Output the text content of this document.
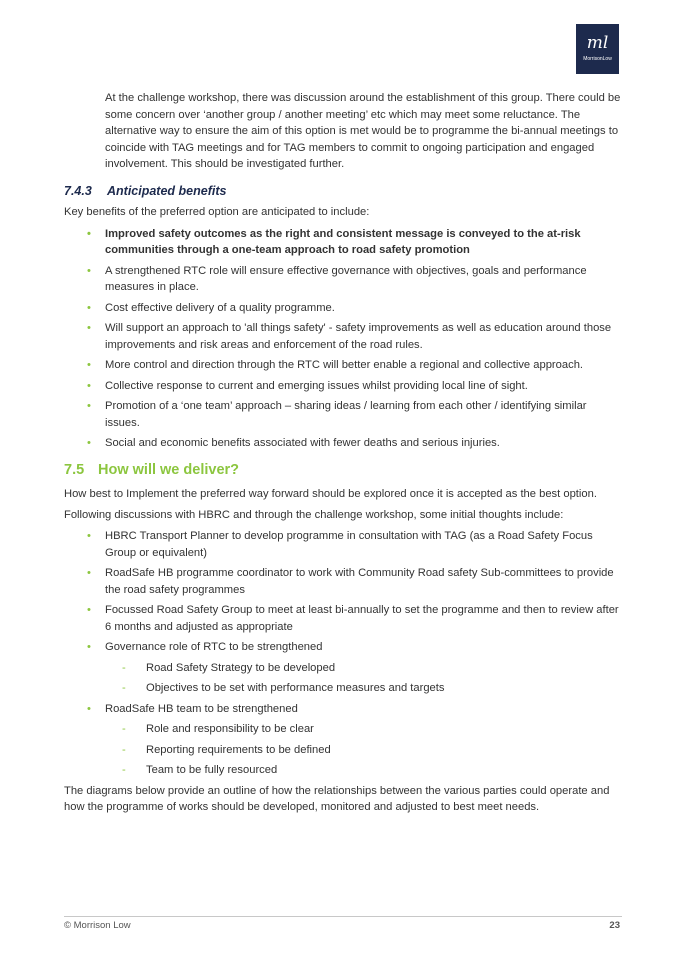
ml
MorrisonLow

At the challenge workshop, there was discussion around the establishment of this group. There could be some concern over ‘another group / another meeting’ etc which may meet some reluctance. The alternative way to ensure the aim of this option is met would be to programme the bi-annual meetings to coincide with TAG meetings and for TAG members to commit to ongoing participation and engaged involvement. This should be investigated further.

7.4.3 Anticipated benefits

Key benefits of the preferred option are anticipated to include:

• Improved safety outcomes as the right and consistent message is conveyed to the at-risk communities through a one-team approach to road safety promotion
• A strengthened RTC role will ensure effective governance with objectives, goals and performance measures in place.
• Cost effective delivery of a quality programme.
• Will support an approach to 'all things safety' - safety improvements as well as education around those improvements and risk areas and enforcement of the road rules.
• More control and direction through the RTC will better enable a regional and collective approach.
• Collective response to current and emerging issues whilst providing local line of sight.
• Promotion of a ‘one team’ approach – sharing ideas / learning from each other / identifying similar issues.
• Social and economic benefits associated with fewer deaths and serious injuries.
7.5 How will we deliver?

How best to Implement the preferred way forward should be explored once it is accepted as the best option.

Following discussions with HBRC and through the challenge workshop, some initial thoughts include:

• HBRC Transport Planner to develop programme in consultation with TAG (as a Road Safety Focus Group or equivalent)
• RoadSafe HB programme coordinator to work with Community Road safety Sub-committees to provide the road safety programmes
• Focussed Road Safety Group to meet at least bi-annually to set the programme and then to review after 6 months and adjusted as appropriate
• Governance role of RTC to be strengthened
- Road Safety Strategy to be developed
- Objectives to be set with performance measures and targets
• RoadSafe HB team to be strengthened
- Role and responsibility to be clear
- Reporting requirements to be defined
- Team to be fully resourced

The diagrams below provide an outline of how the relationships between the various parties could operate and how the programme of works should be developed, monitored and adjusted to best meet needs.

© Morrison Low	23
